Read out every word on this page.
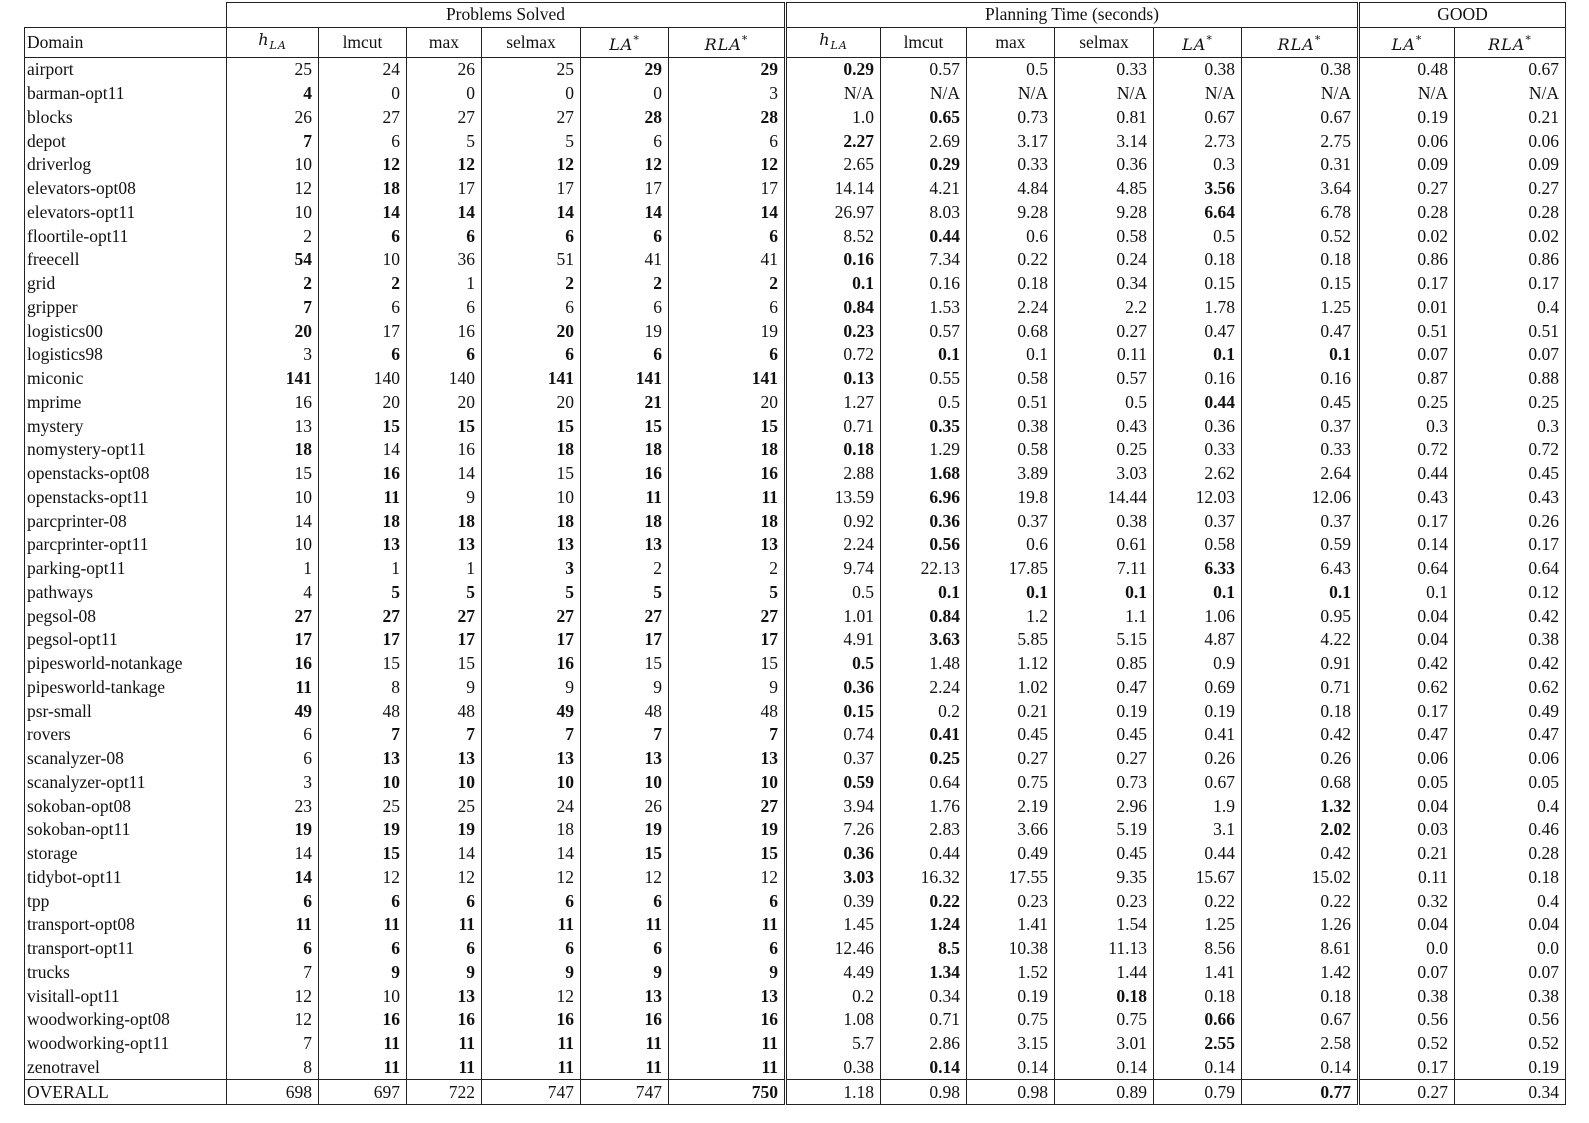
	Problems Solved						Planning Time (seconds)						GOOD	
Domain	$h_{LA}$	lmcut	max	selmax	LA*	RLA*	$h_{LA}$	lmcut	max	selmax	LA*	RLA*	LA*	RLA*
airport	25	24	26	25	29	29	0.29	0.57	0.5	0.33	0.38	0.38	0.48	0.67
barman-opt11	4	0	0	0	0	3	N/A	N/A	N/A	N/A	N/A	N/A	N/A	N/A
blocks	26	27	27	27	28	28	1.0	0.65	0.73	0.81	0.67	0.67	0.19	0.21
depot	7	6	5	5	6	6	2.27	2.69	3.17	3.14	2.73	2.75	0.06	0.06
driverlog	10	12	12	12	12	12	2.65	0.29	0.33	0.36	0.3	0.31	0.09	0.09
elevators-opt08	12	18	17	17	17	17	14.14	4.21	4.84	4.85	3.56	3.64	0.27	0.27
elevators-opt11	10	14	14	14	14	14	26.97	8.03	9.28	9.28	6.64	6.78	0.28	0.28
floortile-opt11	2	6	6	6	6	6	8.52	0.44	0.6	0.58	0.5	0.52	0.02	0.02
freecell	54	10	36	51	41	41	0.16	7.34	0.22	0.24	0.18	0.18	0.86	0.86
grid	2	2	1	2	2	2	0.1	0.16	0.18	0.34	0.15	0.15	0.17	0.17
gripper	7	6	6	6	6	6	0.84	1.53	2.24	2.2	1.78	1.25	0.01	0.4
logistics00	20	17	16	20	19	19	0.23	0.57	0.68	0.27	0.47	0.47	0.51	0.51
logistics98	3	6	6	6	6	6	0.72	0.1	0.1	0.11	0.1	0.1	0.07	0.07
miconic	141	140	140	141	141	141	0.13	0.55	0.58	0.57	0.16	0.16	0.87	0.88
mprime	16	20	20	20	21	20	1.27	0.5	0.51	0.5	0.44	0.45	0.25	0.25
mystery	13	15	15	15	15	15	0.71	0.35	0.38	0.43	0.36	0.37	0.3	0.3
nomystery-opt11	18	14	16	18	18	18	0.18	1.29	0.58	0.25	0.33	0.33	0.72	0.72
openstacks-opt08	15	16	14	15	16	16	2.88	1.68	3.89	3.03	2.62	2.64	0.44	0.45
openstacks-opt11	10	11	9	10	11	11	13.59	6.96	19.8	14.44	12.03	12.06	0.43	0.43
parcprinter-08	14	18	18	18	18	18	0.92	0.36	0.37	0.38	0.37	0.37	0.17	0.26
parcprinter-opt11	10	13	13	13	13	13	2.24	0.56	0.6	0.61	0.58	0.59	0.14	0.17
parking-opt11	1	1	1	3	2	2	9.74	22.13	17.85	7.11	6.33	6.43	0.64	0.64
pathways	4	5	5	5	5	5	0.5	0.1	0.1	0.1	0.1	0.1	0.1	0.12
pegsol-08	27	27	27	27	27	27	1.01	0.84	1.2	1.1	1.06	0.95	0.04	0.42
pegsol-opt11	17	17	17	17	17	17	4.91	3.63	5.85	5.15	4.87	4.22	0.04	0.38
pipesworld-notankage	16	15	15	16	15	15	0.5	1.48	1.12	0.85	0.9	0.91	0.42	0.42
pipesworld-tankage	11	8	9	9	9	9	0.36	2.24	1.02	0.47	0.69	0.71	0.62	0.62
psr-small	49	48	48	49	48	48	0.15	0.2	0.21	0.19	0.19	0.18	0.17	0.49
rovers	6	7	7	7	7	7	0.74	0.41	0.45	0.45	0.41	0.42	0.47	0.47
scanalyzer-08	6	13	13	13	13	13	0.37	0.25	0.27	0.27	0.26	0.26	0.06	0.06
scanalyzer-opt11	3	10	10	10	10	10	0.59	0.64	0.75	0.73	0.67	0.68	0.05	0.05
sokoban-opt08	23	25	25	24	26	27	3.94	1.76	2.19	2.96	1.9	1.32	0.04	0.4
sokoban-opt11	19	19	19	18	19	19	7.26	2.83	3.66	5.19	3.1	2.02	0.03	0.46
storage	14	15	14	14	15	15	0.36	0.44	0.49	0.45	0.44	0.42	0.21	0.28
tidybot-opt11	14	12	12	12	12	12	3.03	16.32	17.55	9.35	15.67	15.02	0.11	0.18
tpp	6	6	6	6	6	6	0.39	0.22	0.23	0.23	0.22	0.22	0.32	0.4
transport-opt08	11	11	11	11	11	11	1.45	1.24	1.41	1.54	1.25	1.26	0.04	0.04
transport-opt11	6	6	6	6	6	6	12.46	8.5	10.38	11.13	8.56	8.61	0.0	0.0
trucks	7	9	9	9	9	9	4.49	1.34	1.52	1.44	1.41	1.42	0.07	0.07
visitall-opt11	12	10	13	12	13	13	0.2	0.34	0.19	0.18	0.18	0.18	0.38	0.38
woodworking-opt08	12	16	16	16	16	16	1.08	0.71	0.75	0.75	0.66	0.67	0.56	0.56
woodworking-opt11	7	11	11	11	11	11	5.7	2.86	3.15	3.01	2.55	2.58	0.52	0.52
zenotravel	8	11	11	11	11	11	0.38	0.14	0.14	0.14	0.14	0.14	0.17	0.19
OVERALL	698	697	722	747	747	750	1.18	0.98	0.98	0.89	0.79	0.77	0.27	0.34
